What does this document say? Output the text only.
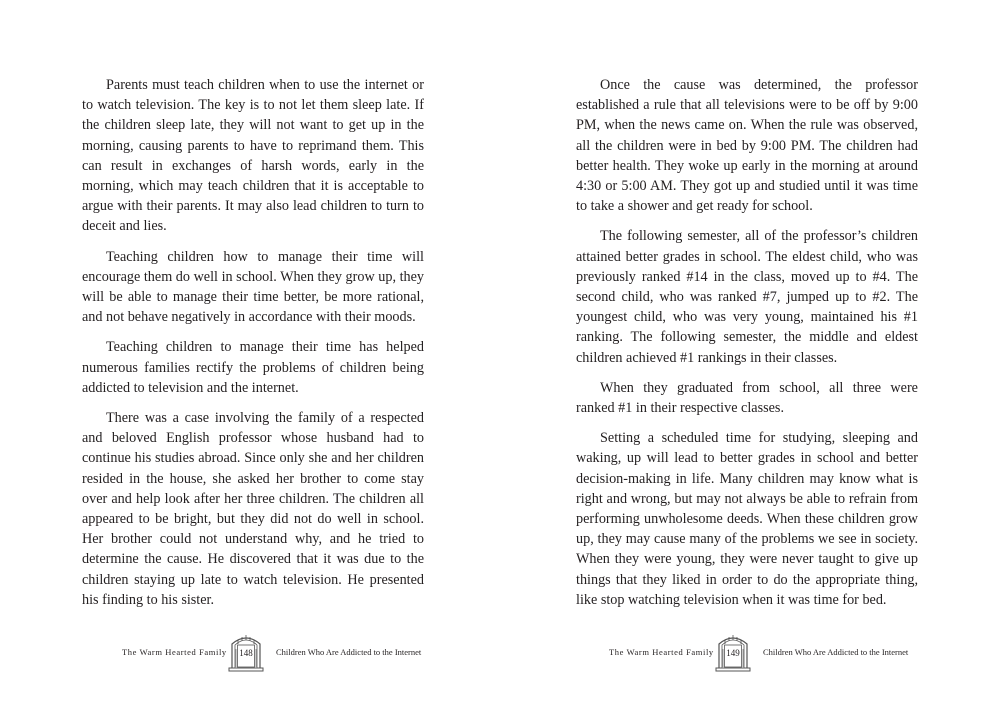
Parents must teach children when to use the internet or to watch television. The key is to not let them sleep late. If the children sleep late, they will not want to get up in the morning, causing parents to have to reprimand them. This can result in exchanges of harsh words, early in the morning, which may teach children that it is acceptable to argue with their parents. It may also lead children to turn to deceit and lies.

Teaching children how to manage their time will encourage them do well in school. When they grow up, they will be able to manage their time better, be more rational, and not behave negatively in accordance with their moods.

Teaching children to manage their time has helped numerous families rectify the problems of children being addicted to television and the internet.

There was a case involving the family of a respected and beloved English professor whose husband had to continue his studies abroad. Since only she and her children resided in the house, she asked her brother to come stay over and help look after her three children. The children all appeared to be bright, but they did not do well in school. Her brother could not understand why, and he tried to determine the cause. He discovered that it was due to the children staying up late to watch television. He presented his finding to his sister.

The Warm Hearted Family	148	Children Who Are Addicted to the Internet

Once the cause was determined, the professor established a rule that all televisions were to be off by 9:00 PM, when the news came on. When the rule was observed, all the children were in bed by 9:00 PM. The children had better health. They woke up early in the morning at around 4:30 or 5:00 AM. They got up and studied until it was time to take a shower and get ready for school.

The following semester, all of the professor’s children attained better grades in school. The eldest child, who was previously ranked #14 in the class, moved up to #4. The second child, who was ranked #7, jumped up to #2. The youngest child, who was very young, maintained his #1 ranking. The following semester, the middle and eldest children achieved #1 rankings in their classes.

When they graduated from school, all three were ranked #1 in their respective classes.

Setting a scheduled time for studying, sleeping and waking, up will lead to better grades in school and better decision-making in life. Many children may know what is right and wrong, but may not always be able to refrain from performing unwholesome deeds. When these children grow up, they may cause many of the problems we see in society. When they were young, they were never taught to give up things that they liked in order to do the appropriate thing, like stop watching television when it was time for bed.

The Warm Hearted Family	149	Children Who Are Addicted to the Internet
